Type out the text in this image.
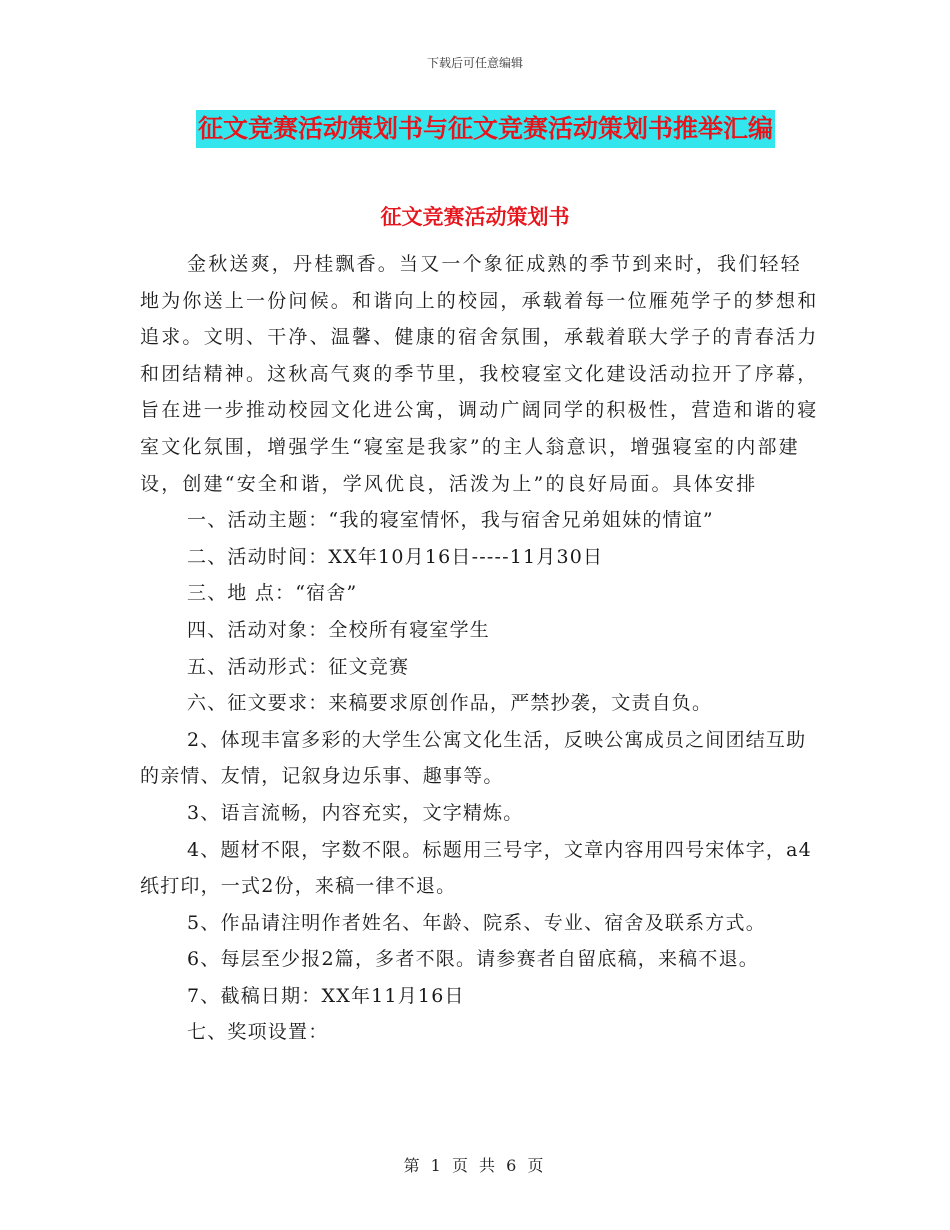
下载后可任意编辑
征文竞赛活动策划书与征文竞赛活动策划书推举汇编
征文竞赛活动策划书

金秋送爽，丹桂飘香。当又一个象征成熟的季节到来时，我们轻轻地为你送上一份问候。和谐向上的校园，承载着每一位雁苑学子的梦想和追求。文明、干净、温馨、健康的宿舍氛围，承载着联大学子的青春活力和团结精神。这秋高气爽的季节里，我校寝室文化建设活动拉开了序幕，旨在进一步推动校园文化进公寓，调动广阔同学的积极性，营造和谐的寝室文化氛围，增强学生“寝室是我家”的主人翁意识，增强寝室的内部建设，创建“安全和谐，学风优良，活泼为上”的良好局面。具体安排

一、活动主题：“我的寝室情怀，我与宿舍兄弟姐妹的情谊”

二、活动时间：XX年10月16日-----11月30日

三、地 点：“宿舍”

四、活动对象：全校所有寝室学生

五、活动形式：征文竞赛

六、征文要求：来稿要求原创作品，严禁抄袭，文责自负。

2、体现丰富多彩的大学生公寓文化生活，反映公寓成员之间团结互助的亲情、友情，记叙身边乐事、趣事等。

3、语言流畅，内容充实，文字精炼。

4、题材不限，字数不限。标题用三号字，文章内容用四号宋体字，a4纸打印，一式2份，来稿一律不退。

5、作品请注明作者姓名、年龄、院系、专业、宿舍及联系方式。

6、每层至少报2篇，多者不限。请参赛者自留底稿，来稿不退。

7、截稿日期：XX年11月16日

七、奖项设置：

第 1 页 共 6 页
